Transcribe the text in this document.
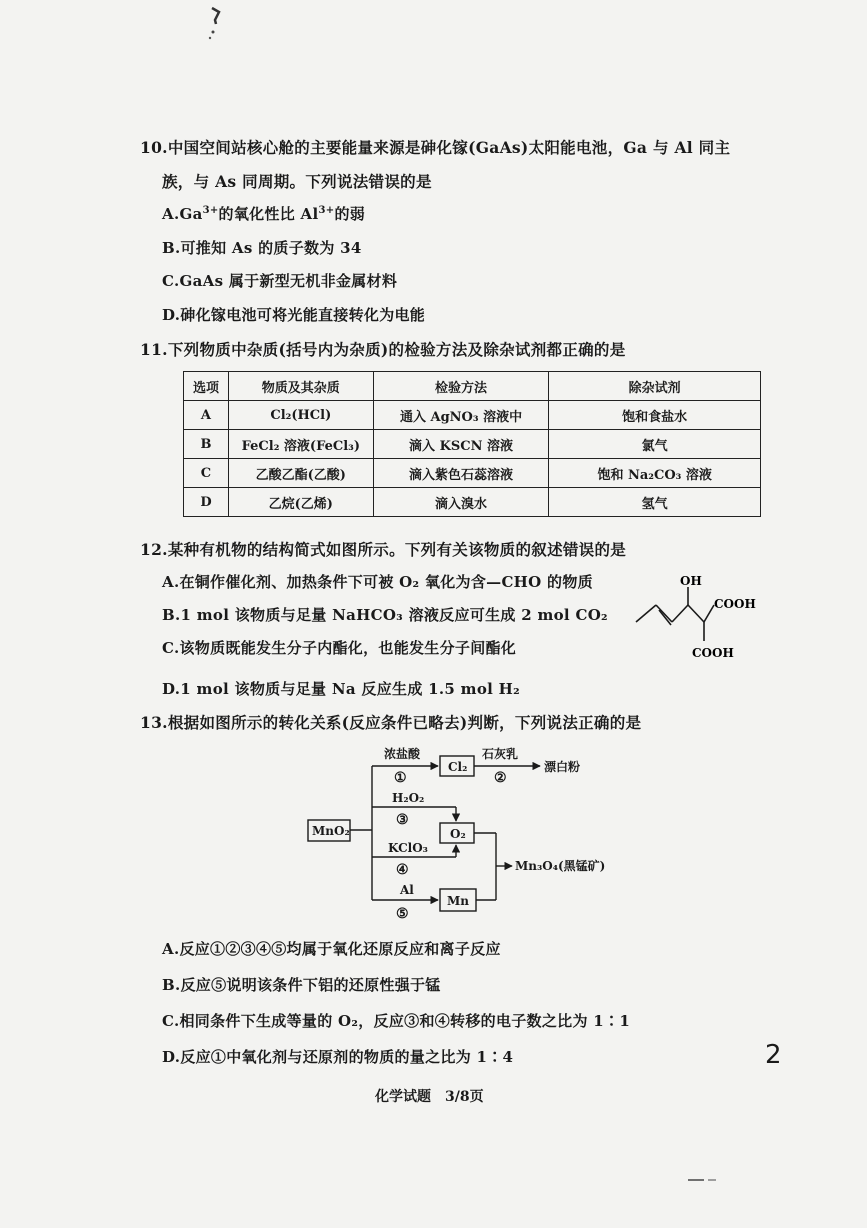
10.中国空间站核心舱的主要能量来源是砷化镓(GaAs)太阳能电池，Ga 与 Al 同主
族，与 As 同周期。下列说法错误的是
$A.Ga^{3+}$的氧化性比 $Al^{3+}$的弱
B.可推知 As 的质子数为 34
C.GaAs 属于新型无机非金属材料
D.砷化镓电池可将光能直接转化为电能
11.下列物质中杂质(括号内为杂质)的检验方法及除杂试剂都正确的是
选项	物质及其杂质	检验方法	除杂试剂
A	Cl₂(HCl)	通入 AgNO₃ 溶液中	饱和食盐水
B	FeCl₂ 溶液(FeCl₃)	滴入 KSCN 溶液	氯气
C	乙酸乙酯(乙酸)	滴入紫色石蕊溶液	饱和 Na₂CO₃ 溶液
D	乙烷(乙烯)	滴入溴水	氢气
12.某种有机物的结构简式如图所示。下列有关该物质的叙述错误的是
A.在铜作催化剂、加热条件下可被 O₂ 氧化为含—CHO 的物质
B.1 mol 该物质与足量 NaHCO₃ 溶液反应可生成 2 mol CO₂
C.该物质既能发生分子内酯化，也能发生分子间酯化
D.1 mol 该物质与足量 Na 反应生成 1.5 mol H₂
OH
COOH
COOH
13.根据如图所示的转化关系(反应条件已略去)判断，下列说法正确的是
MnO₂
浓盐酸
①
Cl₂
石灰乳
②
漂白粉
H₂O₂
③
O₂
KClO₃
④
Al
⑤
Mn
Mn₃O₄(黑锰矿)
A.反应①②③④⑤均属于氧化还原反应和离子反应
B.反应⑤说明该条件下铝的还原性强于锰
C.相同条件下生成等量的 O₂，反应③和④转移的电子数之比为 1∶1
D.反应①中氧化剂与还原剂的物质的量之比为 1∶4	2
化学试题　3/8页
